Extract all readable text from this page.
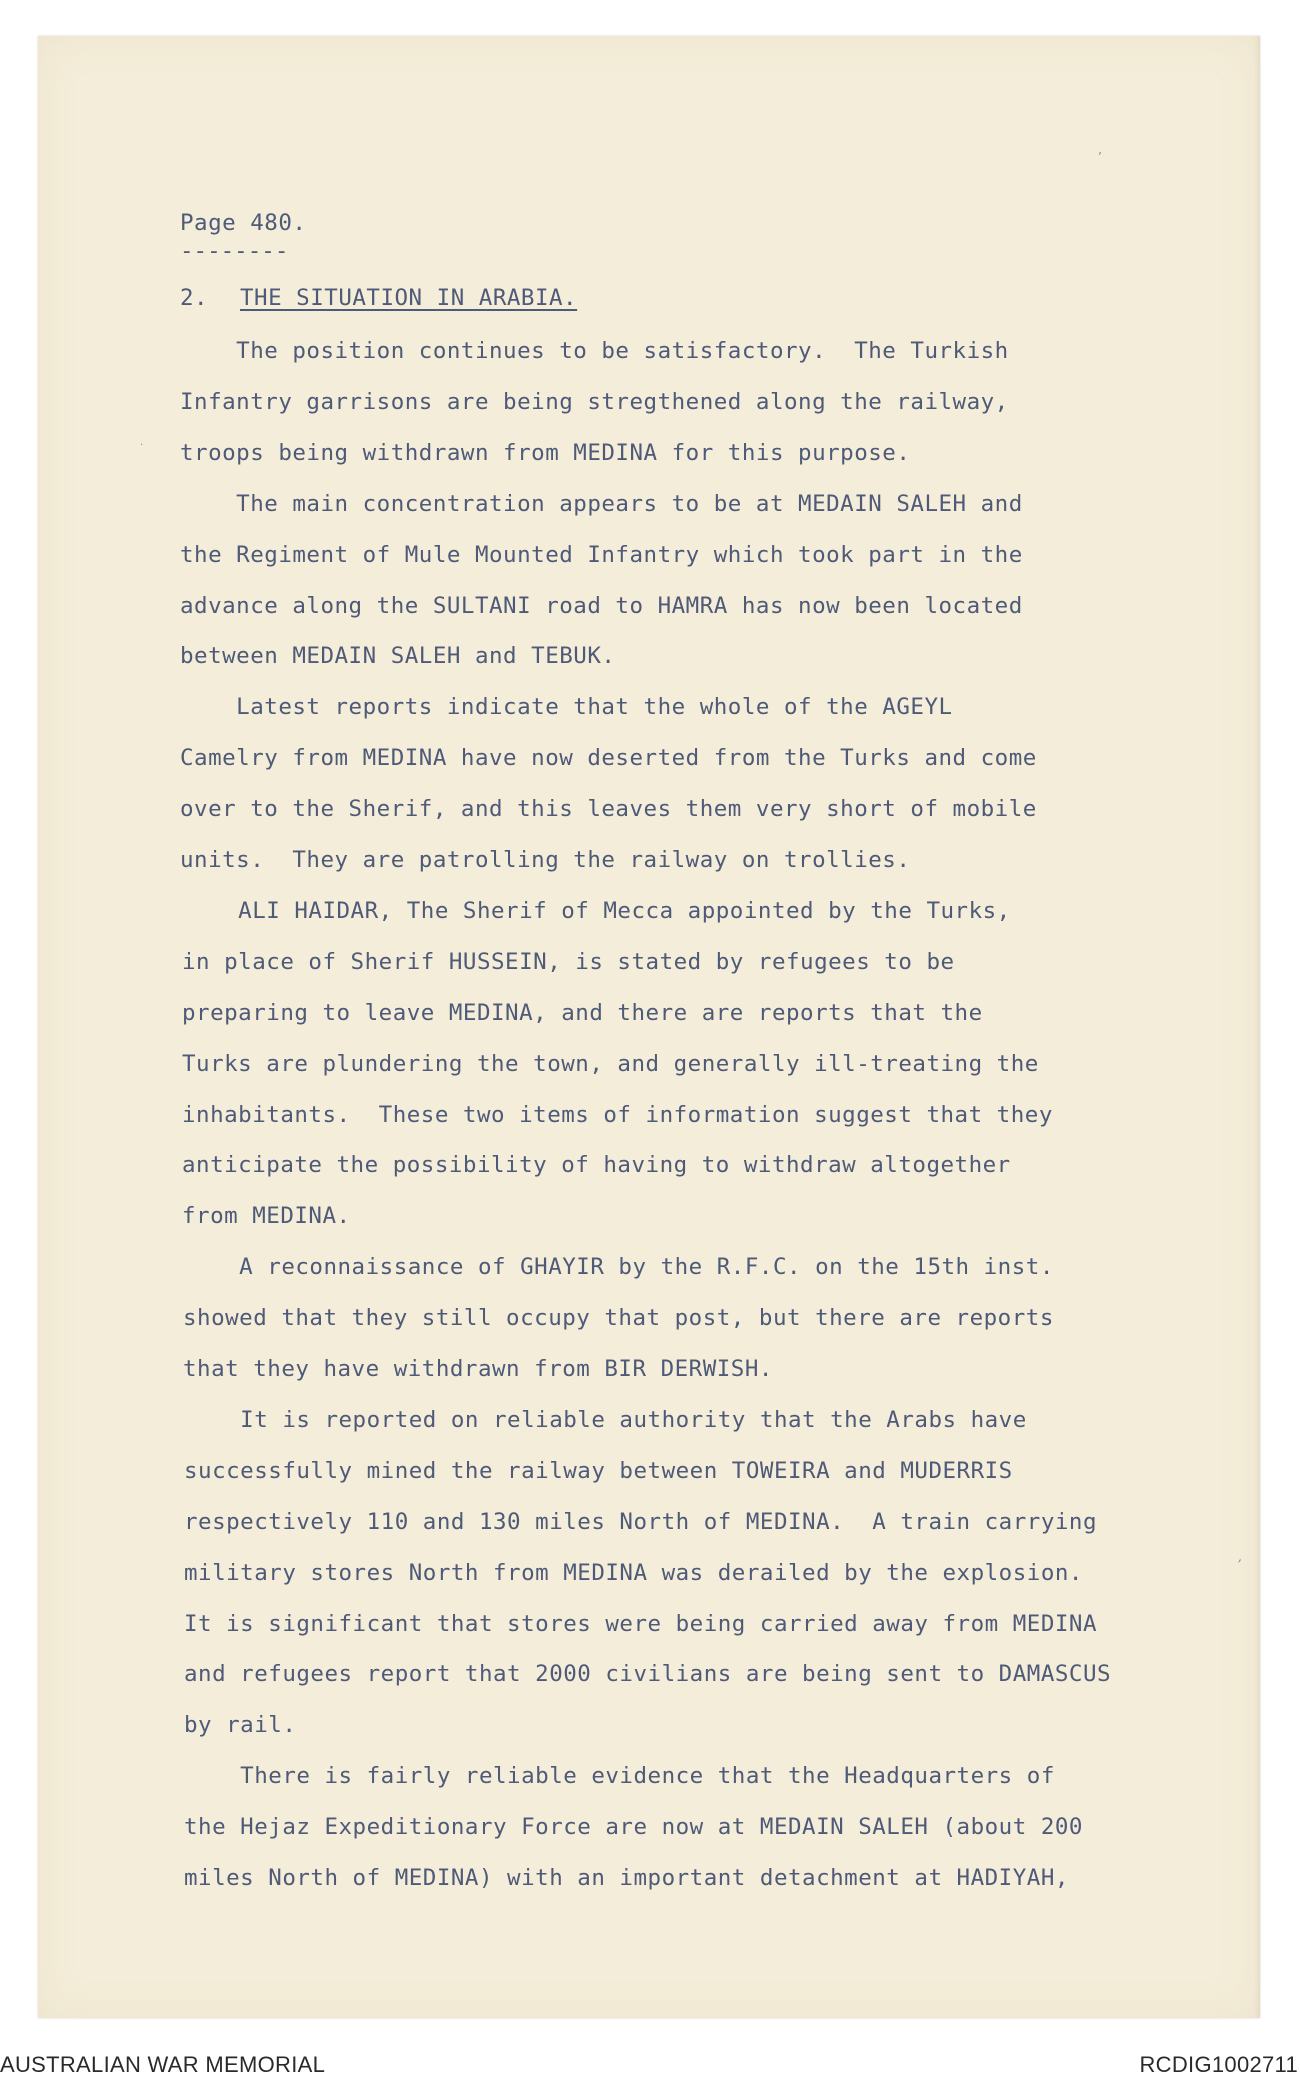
Page 480.
--------
2. THE SITUATION IN ARABIA.
The position continues to be satisfactory.  The Turkish
Infantry garrisons are being stregthened along the railway,
troops being withdrawn from MEDINA for this purpose.
The main concentration appears to be at MEDAIN SALEH and
the Regiment of Mule Mounted Infantry which took part in the
advance along the SULTANI road to HAMRA has now been located
between MEDAIN SALEH and TEBUK.
Latest reports indicate that the whole of the AGEYL
Camelry from MEDINA have now deserted from the Turks and come
over to the Sherif, and this leaves them very short of mobile
units.  They are patrolling the railway on trollies.
ALI HAIDAR, The Sherif of Mecca appointed by the Turks,
in place of Sherif HUSSEIN, is stated by refugees to be
preparing to leave MEDINA, and there are reports that the
Turks are plundering the town, and generally ill-treating the
inhabitants.  These two items of information suggest that they
anticipate the possibility of having to withdraw altogether
from MEDINA.
A reconnaissance of GHAYIR by the R.F.C. on the 15th inst.
showed that they still occupy that post, but there are reports
that they have withdrawn from BIR DERWISH.
It is reported on reliable authority that the Arabs have
successfully mined the railway between TOWEIRA and MUDERRIS
respectively 110 and 130 miles North of MEDINA.  A train carrying
military stores North from MEDINA was derailed by the explosion.
It is significant that stores were being carried away from MEDINA
and refugees report that 2000 civilians are being sent to DAMASCUS
by rail.
There is fairly reliable evidence that the Headquarters of
the Hejaz Expeditionary Force are now at MEDAIN SALEH (about 200
miles North of MEDINA) with an important detachment at HADIYAH,
’
′
·
AUSTRALIAN WAR MEMORIAL	RCDIG1002711
